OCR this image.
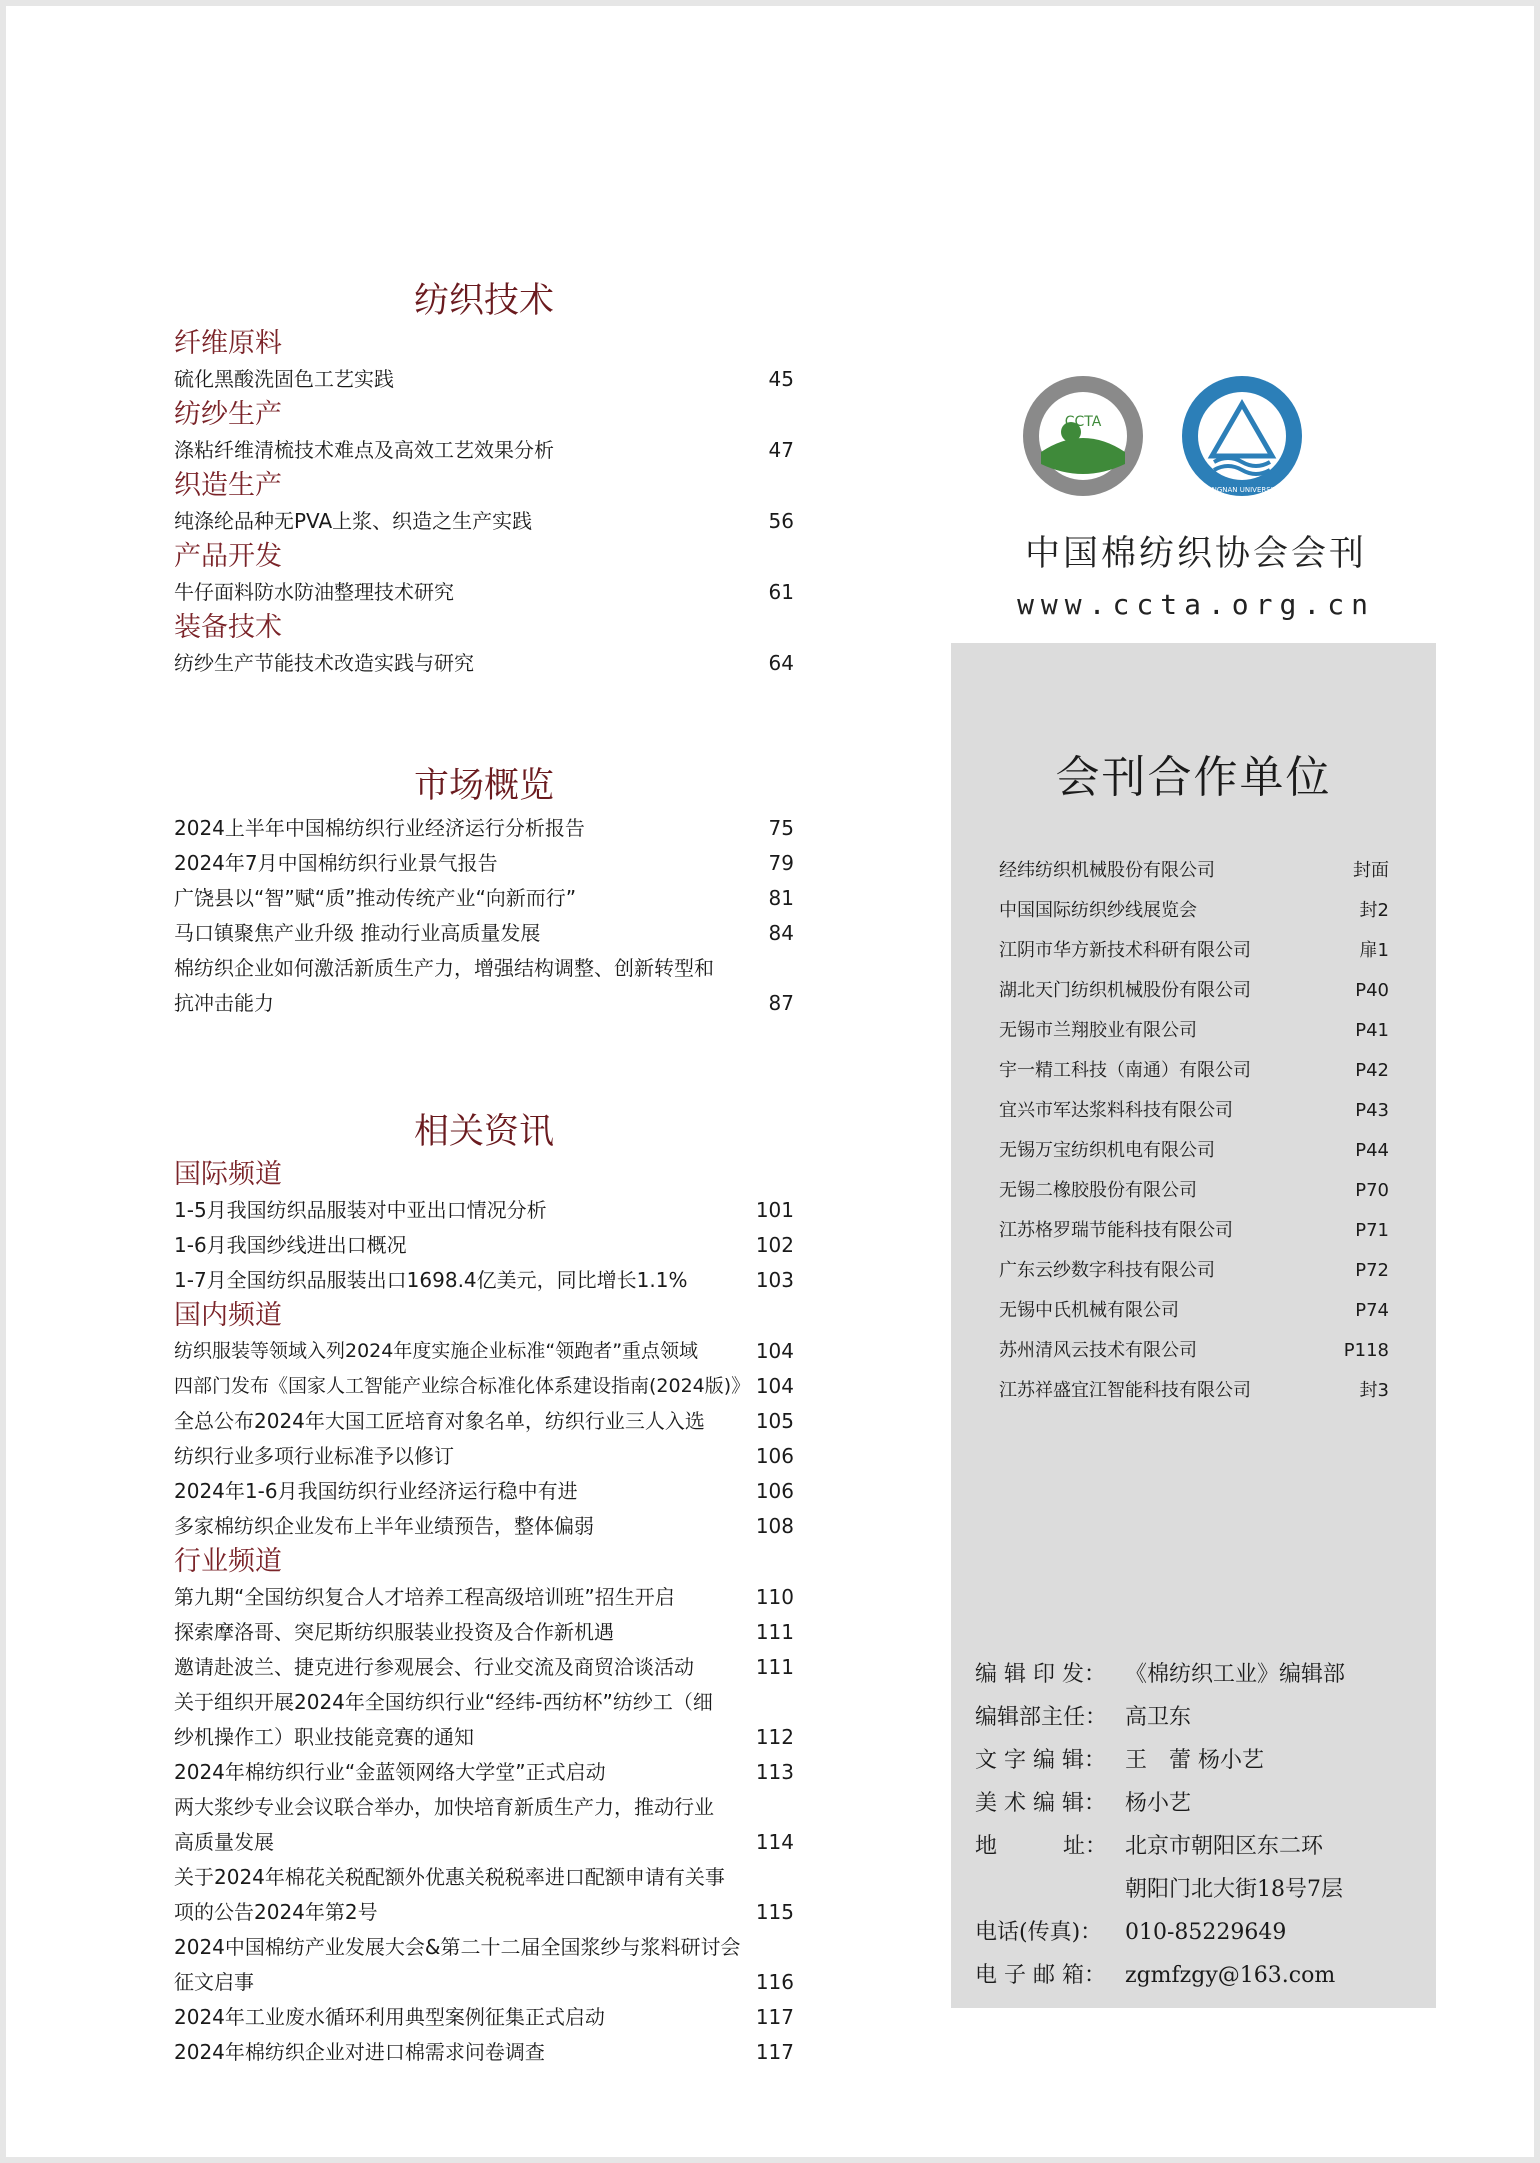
纺织技术
纤维原料
硫化黑酸洗固色工艺实践	45
纺纱生产
涤粘纤维清梳技术难点及高效工艺效果分析	47
织造生产
纯涤纶品种无PVA上浆、织造之生产实践	56
产品开发
牛仔面料防水防油整理技术研究	61
装备技术
纺纱生产节能技术改造实践与研究	64
市场概览
2024上半年中国棉纺织行业经济运行分析报告	75
2024年7月中国棉纺织行业景气报告	79
广饶县以“智”赋“质”推动传统产业“向新而行”	81
马口镇聚焦产业升级 推动行业高质量发展	84
棉纺织企业如何激活新质生产力，增强结构调整、创新转型和
抗冲击能力	87
相关资讯
国际频道
1-5月我国纺织品服装对中亚出口情况分析	101
1-6月我国纱线进出口概况	102
1-7月全国纺织品服装出口1698.4亿美元，同比增长1.1%	103
国内频道
纺织服装等领域入列2024年度实施企业标准“领跑者”重点领域	104
四部门发布《国家人工智能产业综合标准化体系建设指南(2024版)》 104
全总公布2024年大国工匠培育对象名单，纺织行业三人入选	105
纺织行业多项行业标准予以修订	106
2024年1-6月我国纺织行业经济运行稳中有进	106
多家棉纺织企业发布上半年业绩预告，整体偏弱	108
行业频道
第九期“全国纺织复合人才培养工程高级培训班”招生开启	110
探索摩洛哥、突尼斯纺织服装业投资及合作新机遇	111
邀请赴波兰、捷克进行参观展会、行业交流及商贸洽谈活动	111
关于组织开展2024年全国纺织行业“经纬-西纺杯”纺纱工（细
纱机操作工）职业技能竞赛的通知	112
2024年棉纺织行业“金蓝领网络大学堂”正式启动	113
两大浆纱专业会议联合举办，加快培育新质生产力，推动行业
高质量发展	114
关于2024年棉花关税配额外优惠关税税率进口配额申请有关事
项的公告2024年第2号	115
2024中国棉纺产业发展大会&第二十二届全国浆纱与浆料研讨会
征文启事	116
2024年工业废水循环利用典型案例征集正式启动	117
2024年棉纺织企业对进口棉需求问卷调查	117
CCTA
JIANGNAN UNIVERSITY
中国棉纺织协会会刊
www.ccta.org.cn
会刊合作单位
经纬纺织机械股份有限公司	封面
中国国际纺织纱线展览会	封2
江阴市华方新技术科研有限公司	扉1
湖北天门纺织机械股份有限公司	P40
无锡市兰翔胶业有限公司	P41
宇一精工科技（南通）有限公司	P42
宜兴市军达浆料科技有限公司	P43
无锡万宝纺织机电有限公司	P44
无锡二橡胶股份有限公司	P70
江苏格罗瑞节能科技有限公司	P71
广东云纱数字科技有限公司	P72
无锡中氏机械有限公司	P74
苏州清风云技术有限公司	P118
江苏祥盛宜江智能科技有限公司	封3
编 辑 印 发： 《棉纺织工业》编辑部
编辑部主任： 高卫东
文 字 编 辑： 王　蕾 杨小艺
美 术 编 辑： 杨小艺
地　　　址： 北京市朝阳区东二环
朝阳门北大街18号7层
电话(传真)：	010-85229649
电 子 邮 箱： zgmfzgy@163.com
